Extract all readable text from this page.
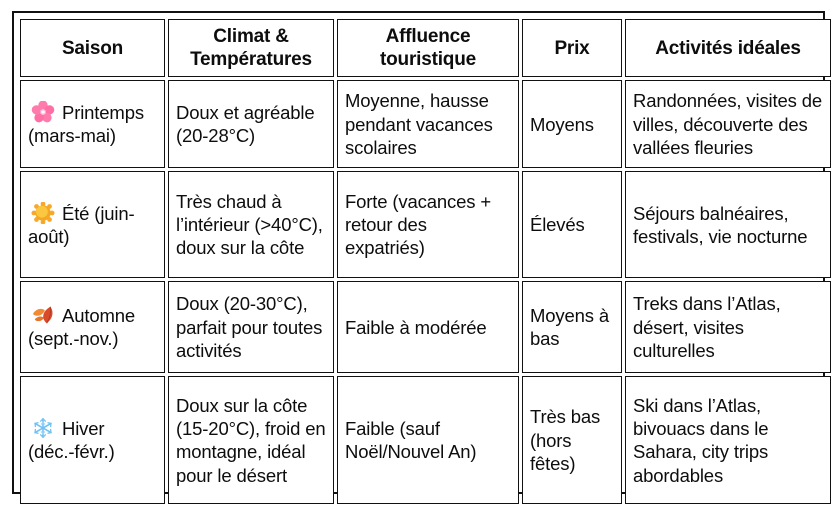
Saison	Climat &
Températures	Affluence
touristique	Prix	Activités idéales

Printemps
(mars-mai)	Doux et agréable (20-28°C)	Moyenne, hausse pendant vacances scolaires	Moyens	Randonnées, visites de villes, découverte des vallées fleuries

Été (juin-
août)	Très chaud à l’intérieur (>40°C), doux sur la côte	Forte (vacances + retour des expatriés)	Élevés	Séjours balnéaires, festivals, vie nocturne

Automne
(sept.-nov.)	Doux (20-30°C), parfait pour toutes activités	Faible à modérée	Moyens à bas	Treks dans l’Atlas, désert, visites culturelles

Hiver
(déc.-févr.)	Doux sur la côte (15-20°C), froid en montagne, idéal pour le désert	Faible (sauf Noël/Nouvel An)	Très bas (hors fêtes)	Ski dans l’Atlas, bivouacs dans le Sahara, city trips abordables
